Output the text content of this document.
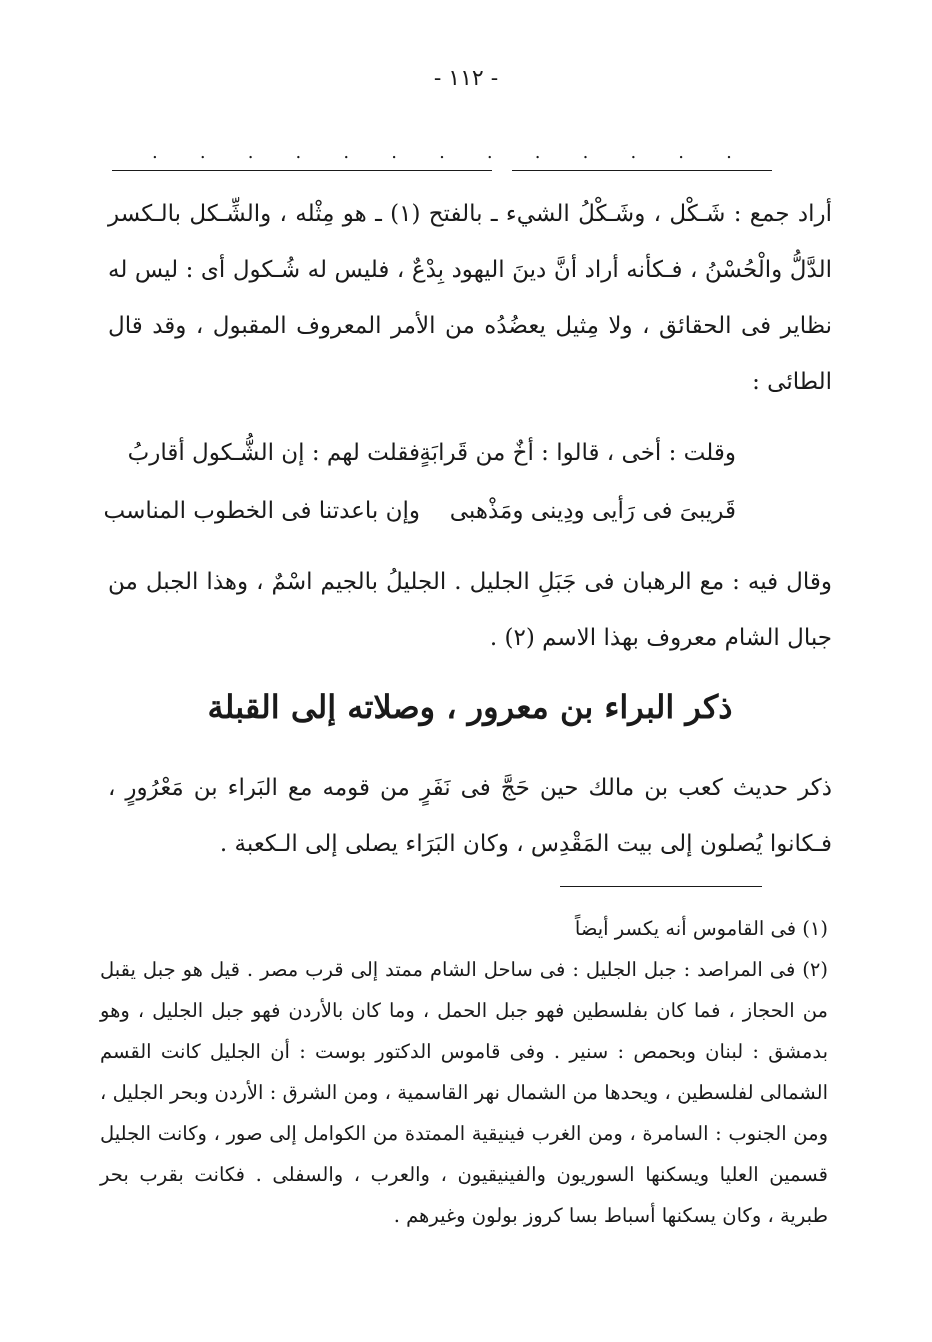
- ١١٢ -
. . . . . . . . . . . . .

أراد جمع : شَـكْل ، وشَـكْلُ الشيء ـ بالفتح (١) ـ هو مِثْله ، والشِّـكل بالـكسر الدَّلُّ والْحُسْنُ ، فـكأنه أراد أنَّ دينَ اليهود بِدْعٌ ، فليس له شُـكول أى : ليس له نظاير فى الحقائق ، ولا مِثيل يعضُدُه من الأمر المعروف المقبول ، وقد قال الطائى :

وقلت : أخى ، قالوا : أخٌ من قَرابَةٍ
فقلت لهم : إن الشُّـكول أقاربُ
قَريبىَ فى رَأيى ودِينى ومَذْهبى
وإن باعدتنا فى الخطوب المناسب

وقال فيه : مع الرهبان فى جَبَلِ الجليل . الجليلُ بالجيم اسْمٌ ، وهذا الجبل من جبال الشام معروف بهذا الاسم (٢) .

ذكر البراء بن معرور ، وصلاته إلى القبلة

ذكر حديث كعب بن مالك حين حَجَّ فى نَفَرٍ من قومه مع البَراء بن مَعْرُورٍ ، فـكانوا يُصلون إلى بيت المَقْدِس ، وكان البَرَاء يصلى إلى الـكعبة .

(١) فى القاموس أنه يكسر أيضاً

(٢) فى المراصد : جبل الجليل : فى ساحل الشام ممتد إلى قرب مصر . قيل هو جبل يقبل من الحجاز ، فما كان بفلسطين فهو جبل الحمل ، وما كان بالأردن فهو جبل الجليل ، وهو بدمشق : لبنان وبحمص : سنير . وفى قاموس الدكتور بوست : أن الجليل كانت القسم الشمالى لفلسطين ، ويحدها من الشمال نهر القاسمية ، ومن الشرق : الأردن وبحر الجليل ، ومن الجنوب : السامرة ، ومن الغرب فينيقية الممتدة من الكوامل إلى صور ، وكانت الجليل قسمين العليا ويسكنها السوريون والفينيقيون ، والعرب ، والسفلى . فكانت بقرب بحر طبرية ، وكان يسكنها أسباط بسا كروز بولون وغيرهم .
